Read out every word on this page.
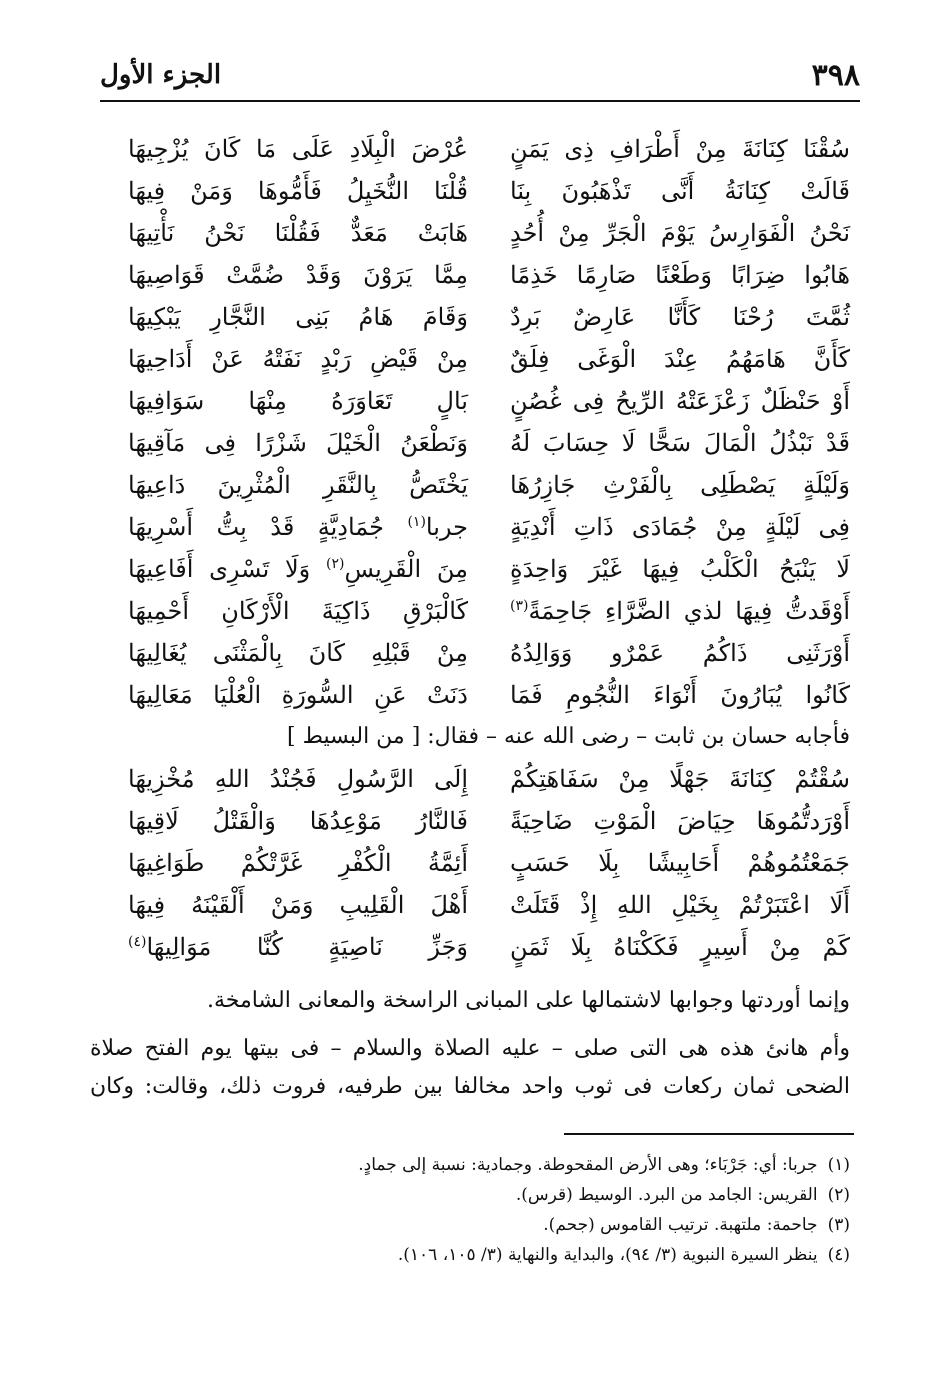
٣٩٨
الجزء الأول
سُقْنَا كِنَانَةَ مِنْ أَطْرَافِ ذِى يَمَنٍ
عُرْضَ الْبِلَادِ عَلَى مَا كَانَ يُزْجِيهَا
قَالَتْ كِنَانَةُ أَنَّى تَذْهَبُونَ بِنَا
قُلْنَا النُّخَيِلُ فَأَمُّوهَا وَمَنْ فِيهَا
نَحْنُ الْفَوَارِسُ يَوْمَ الْجَرِّ مِنْ أُحُدٍ
هَابَتْ مَعَدٌّ فَقُلْنَا نَحْنُ نَأْتِيهَا
هَابُوا ضِرَابًا وَطَعْنًا صَارِمًا خَذِمًا
مِمَّا يَرَوْنَ وَقَدْ ضُمَّتْ قَوَاصِيهَا
ثُمَّتَ رُحْنَا كَأَنَّا عَارِضٌ بَرِدٌ
وَقَامَ هَامُ بَنِى النَّجَّارِ يَبْكِيهَا
كَأَنَّ هَامَهُمُ عِنْدَ الْوَغَى فِلَقٌ
مِنْ قَيْضِ رَبْدٍ نَفَتْهُ عَنْ أَدَاحِيهَا
أَوْ حَنْظَلٌ زَعْزَعَتْهُ الرِّيحُ فِى غُصُنٍ
بَالٍ تَعَاوَرَهُ مِنْهَا سَوَافِيهَا
قَدْ نَبْذُلُ الْمَالَ سَحًّا لَا حِسَابَ لَهُ
وَنَطْعَنُ الْخَيْلَ شَزْرًا فِى مَآقِيهَا
وَلَيْلَةٍ يَصْطَلِى بِالْفَرْثِ جَازِرُهَا
يَخْتَصُّ بِالنَّقَرِ الْمُثْرِينَ دَاعِيهَا
فِى لَيْلَةٍ مِنْ جُمَادَى ذَاتِ أَنْدِيَةٍ
جربا$^{(١)}$ جُمَادِيَّةٍ قَدْ بِتُّ أَسْرِيهَا
لَا يَنْبَحُ الْكَلْبُ فِيهَا غَيْرَ وَاحِدَةٍ
مِنَ الْقَرِيسِ$^{(٢)}$ وَلَا تَسْرِى أَفَاعِيهَا
أَوْقَدتُّ فِيهَا لذي الضَّرَّاءِ جَاحِمَةً$^{(٣)}$
كَالْبَرْقِ ذَاكِيَةَ الْأَرْكَانِ أَحْمِيهَا
أَوْرَثَنِى ذَاكُمُ عَمْرٌو وَوَالِدُهُ
مِنْ قَبْلِهِ كَانَ بِالْمَثْنَى يُغَالِيهَا
كَانُوا يُبَارُونَ أَنْوَاءَ النُّجُومِ فَمَا
دَنَتْ عَنِ السُّورَةِ الْعُلْيَا مَعَالِيهَا
فأجابه حسان بن ثابت – رضى الله عنه – فقال: [ من البسيط ]
سُقْتُمْ كِنَانَةَ جَهْلًا مِنْ سَفَاهَتِكُمْ
إِلَى الرَّسُولِ فَجُنْدُ اللهِ مُخْزِيهَا
أَوْرَدتُّمُوهَا حِيَاضَ الْمَوْتِ ضَاحِيَةً
فَالنَّارُ مَوْعِدُهَا وَالْقَتْلُ لَاقِيهَا
جَمَعْتُمُوهُمْ أَحَابِيشًا بِلَا حَسَبٍ
أَئِمَّةُ الْكُفْرِ غَرَّتْكُمْ طَوَاغِيهَا
أَلَا اعْتَبَرْتُمْ بِخَيْلِ اللهِ إِذْ قَتَلَتْ
أَهْلَ الْقَلِيبِ وَمَنْ أَلْقَيْنَهُ فِيهَا
كَمْ مِنْ أَسِيرٍ فَكَكْنَاهُ بِلَا ثَمَنٍ
وَجَزِّ نَاصِيَةٍ كُنَّا مَوَالِيهَا$^{(٤)}$
وإنما أوردتها وجوابها لاشتمالها على المبانى الراسخة والمعانى الشامخة.
وأم هانئ هذه هى التى صلى – عليه الصلاة والسلام – فى بيتها يوم الفتح صلاة
الضحى ثمان ركعات فى ثوب واحد مخالفا بين طرفيه، فروت ذلك، وقالت: وكان
(١)جربا: أي: جَرْبَاء؛ وهى الأرض المقحوطة. وجمادية: نسبة إلى جمادٍ.
(٢)القريس: الجامد من البرد. الوسيط (قرس).
(٣)جاحمة: ملتهبة. ترتيب القاموس (جحم).
(٤)ينظر السيرة النبوية (٣/ ٩٤)، والبداية والنهاية (٣/ ١٠٥، ١٠٦).
